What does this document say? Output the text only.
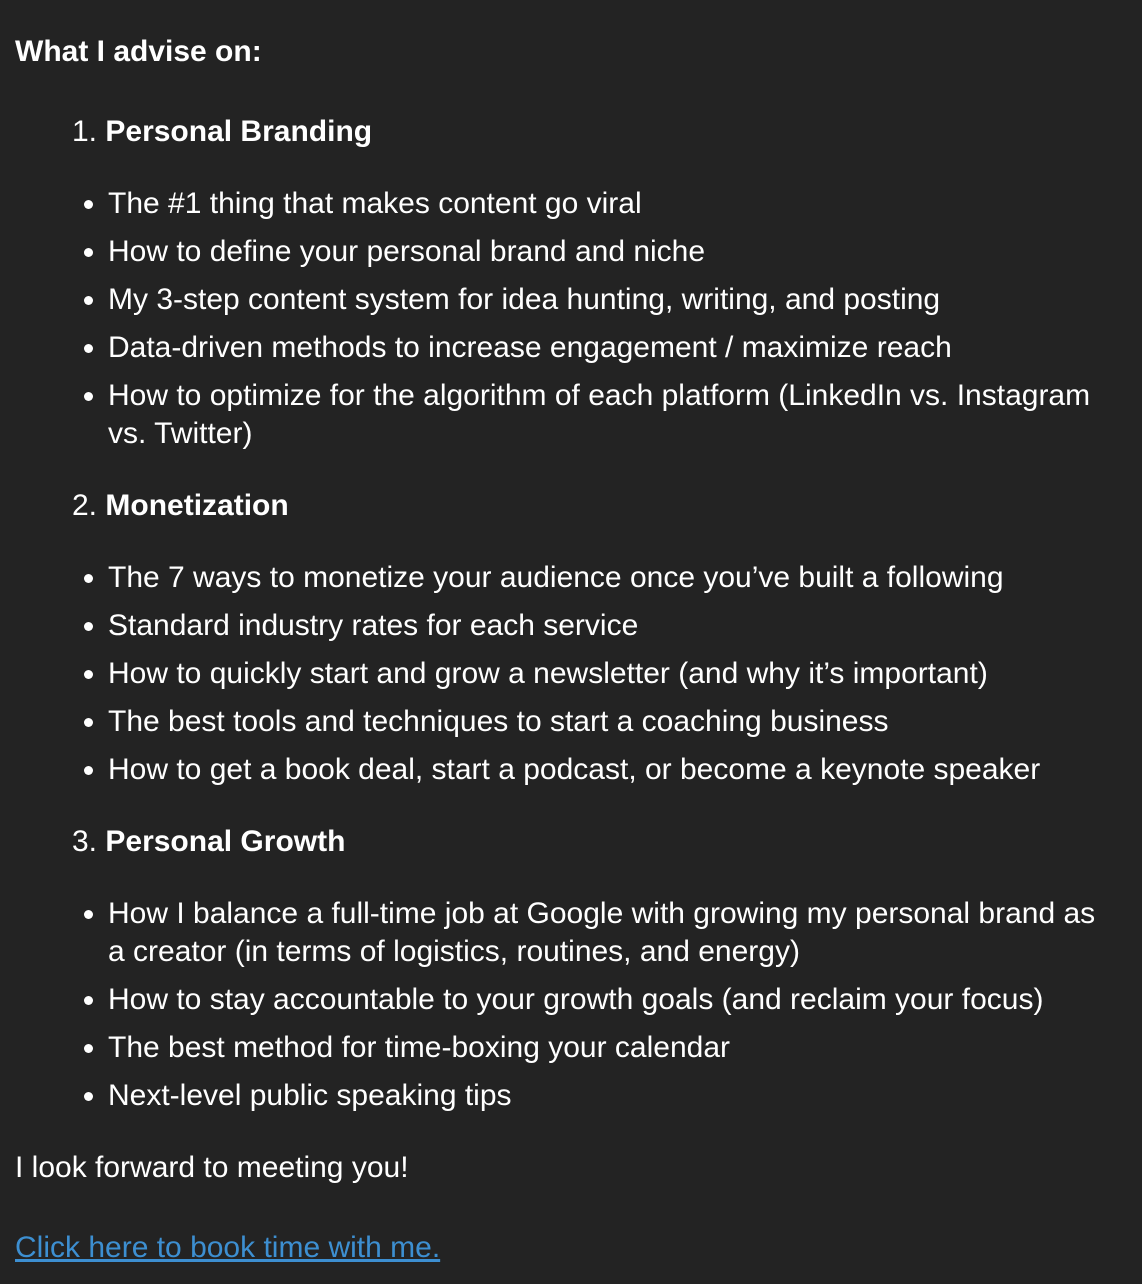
What I advise on:
1. Personal Branding
The #1 thing that makes content go viral
How to define your personal brand and niche
My 3-step content system for idea hunting, writing, and posting
Data-driven methods to increase engagement / maximize reach
How to optimize for the algorithm of each platform (LinkedIn vs. Instagram vs. Twitter)
2. Monetization
The 7 ways to monetize your audience once you’ve built a following
Standard industry rates for each service
How to quickly start and grow a newsletter (and why it’s important)
The best tools and techniques to start a coaching business
How to get a book deal, start a podcast, or become a keynote speaker
3. Personal Growth
How I balance a full-time job at Google with growing my personal brand as a creator (in terms of logistics, routines, and energy)
How to stay accountable to your growth goals (and reclaim your focus)
The best method for time-boxing your calendar
Next-level public speaking tips

I look forward to meeting you!

Click here to book time with me.
